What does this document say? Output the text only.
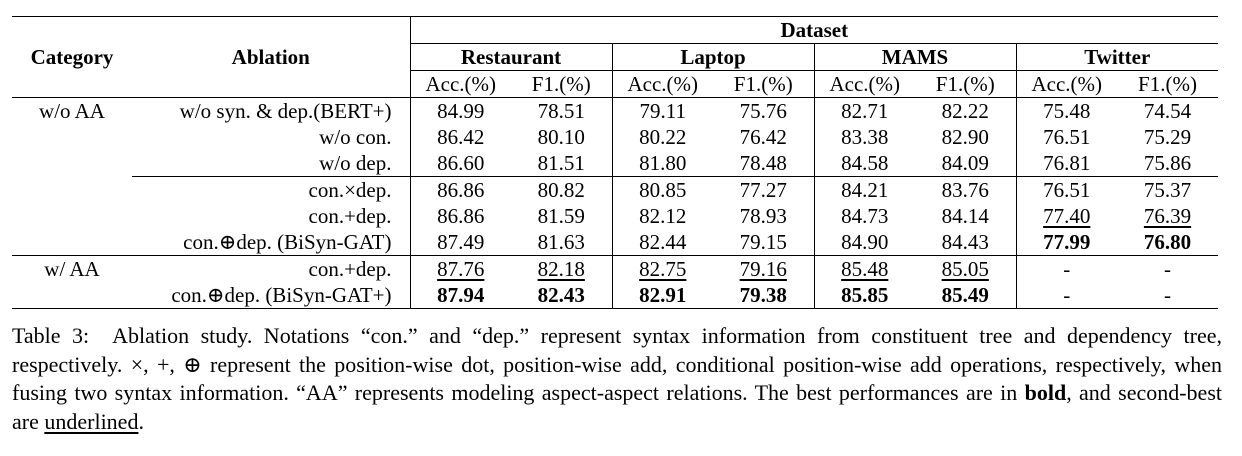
Category	Ablation	Dataset							
		Restaurant		Laptop		MAMS		Twitter	
		Acc.(%)	F1.(%)	Acc.(%)	F1.(%)	Acc.(%)	F1.(%)	Acc.(%)	F1.(%)
w/o AA	w/o syn. & dep.(BERT+)	84.99	78.51	79.11	75.76	82.71	82.22	75.48	74.54
	w/o con.	86.42	80.10	80.22	76.42	83.38	82.90	76.51	75.29
	w/o dep.	86.60	81.51	81.80	78.48	84.58	84.09	76.81	75.86
	con.×dep.	86.86	80.82	80.85	77.27	84.21	83.76	76.51	75.37
	con.+dep.	86.86	81.59	82.12	78.93	84.73	84.14	77.40	76.39
	con.⊕dep. (BiSyn-GAT)	87.49	81.63	82.44	79.15	84.90	84.43	77.99	76.80
w/ AA	con.+dep.	87.76	82.18	82.75	79.16	85.48	85.05	-	-
	con.⊕dep. (BiSyn-GAT+)	87.94	82.43	82.91	79.38	85.85	85.49	-	-
Table 3: Ablation study. Notations “con.” and “dep.” represent syntax information from constituent tree and dependency tree, respectively. ×, +, ⊕ represent the position-wise dot, position-wise add, conditional position-wise add operations, respectively, when fusing two syntax information. “AA” represents modeling aspect-aspect relations. The best performances are in bold, and second-best are underlined.
